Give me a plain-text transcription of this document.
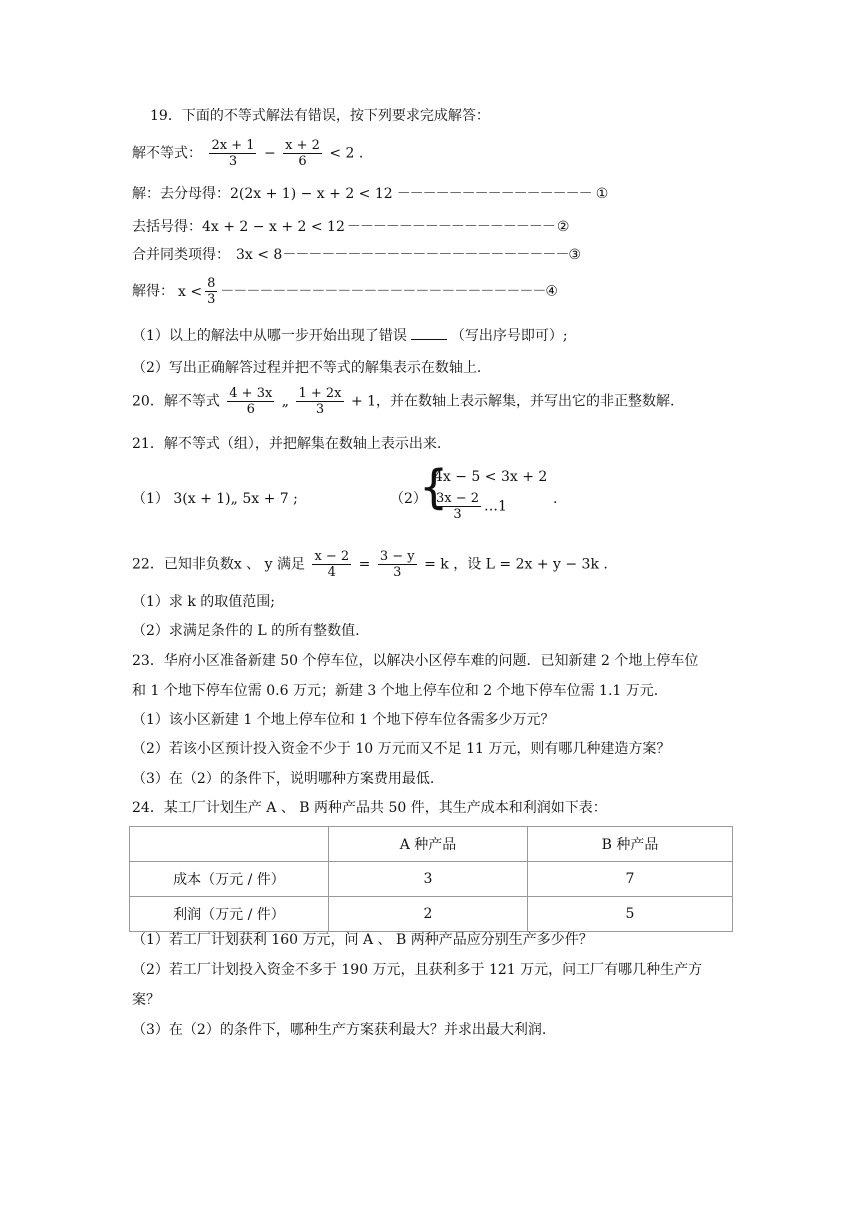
19．下面的不等式解法有错误，按下列要求完成解答：
解不等式： $\frac{2x + 1}{3} - \frac{x + 2}{6} < 2$ .
解：去分母得：2(2x + 1) − x + 2 < 12 －－－－－－－－－－－－－－－ ①
去括号得：4x + 2 − x + 2 < 12 －－－－－－－－－－－－－－－－ ②
合并同类项得： 3x < 8－－－－－－－－－－－－－－－－－－－－－－③
解得： $x < \frac{8}{3}$ －－－－－－－－－－－－－－－－－－－－－－－－－④
（1）以上的解法中从哪一步开始出现了错误	（写出序号即可）;
（2）写出正确解答过程并把不等式的解集表示在数轴上.
20．解不等式 $\frac{4 + 3x}{6}$ „ $\frac{1 + 2x}{3} + 1$，并在数轴上表示解集，并写出它的非正整数解.
21．解不等式（组），并把解集在数轴上表示出来.
（1） 3(x + 1)„ 5x + 7 ;	（2）
{
4x − 5 < 3x + 2
$\frac{3x - 2}{3}$ …1	.
22．已知非负数x 、 y 满足 $\frac{x - 2}{4} = \frac{3 - y}{3} = k$ ，设 L = 2x + y − 3k .
（1）求 k 的取值范围;
（2）求满足条件的 L 的所有整数值.
23．华府小区准备新建 50 个停车位，以解决小区停车难的问题．已知新建 2 个地上停车位
和 1 个地下停车位需 0.6 万元；新建 3 个地上停车位和 2 个地下停车位需 1.1 万元.
（1）该小区新建 1 个地上停车位和 1 个地下停车位各需多少万元？
（2）若该小区预计投入资金不少于 10 万元而又不足 11 万元，则有哪几种建造方案？
（3）在（2）的条件下，说明哪种方案费用最低.
24．某工厂计划生产 A 、 B 两种产品共 50 件，其生产成本和利润如下表：
	A 种产品	B 种产品
成本（万元 / 件）	3	7
利润（万元 / 件）	2	5
（1）若工厂计划获利 160 万元，问 A 、 B 两种产品应分别生产多少件？
（2）若工厂计划投入资金不多于 190 万元，且获利多于 121 万元，问工厂有哪几种生产方
案？
（3）在（2）的条件下，哪种生产方案获利最大？并求出最大利润.
